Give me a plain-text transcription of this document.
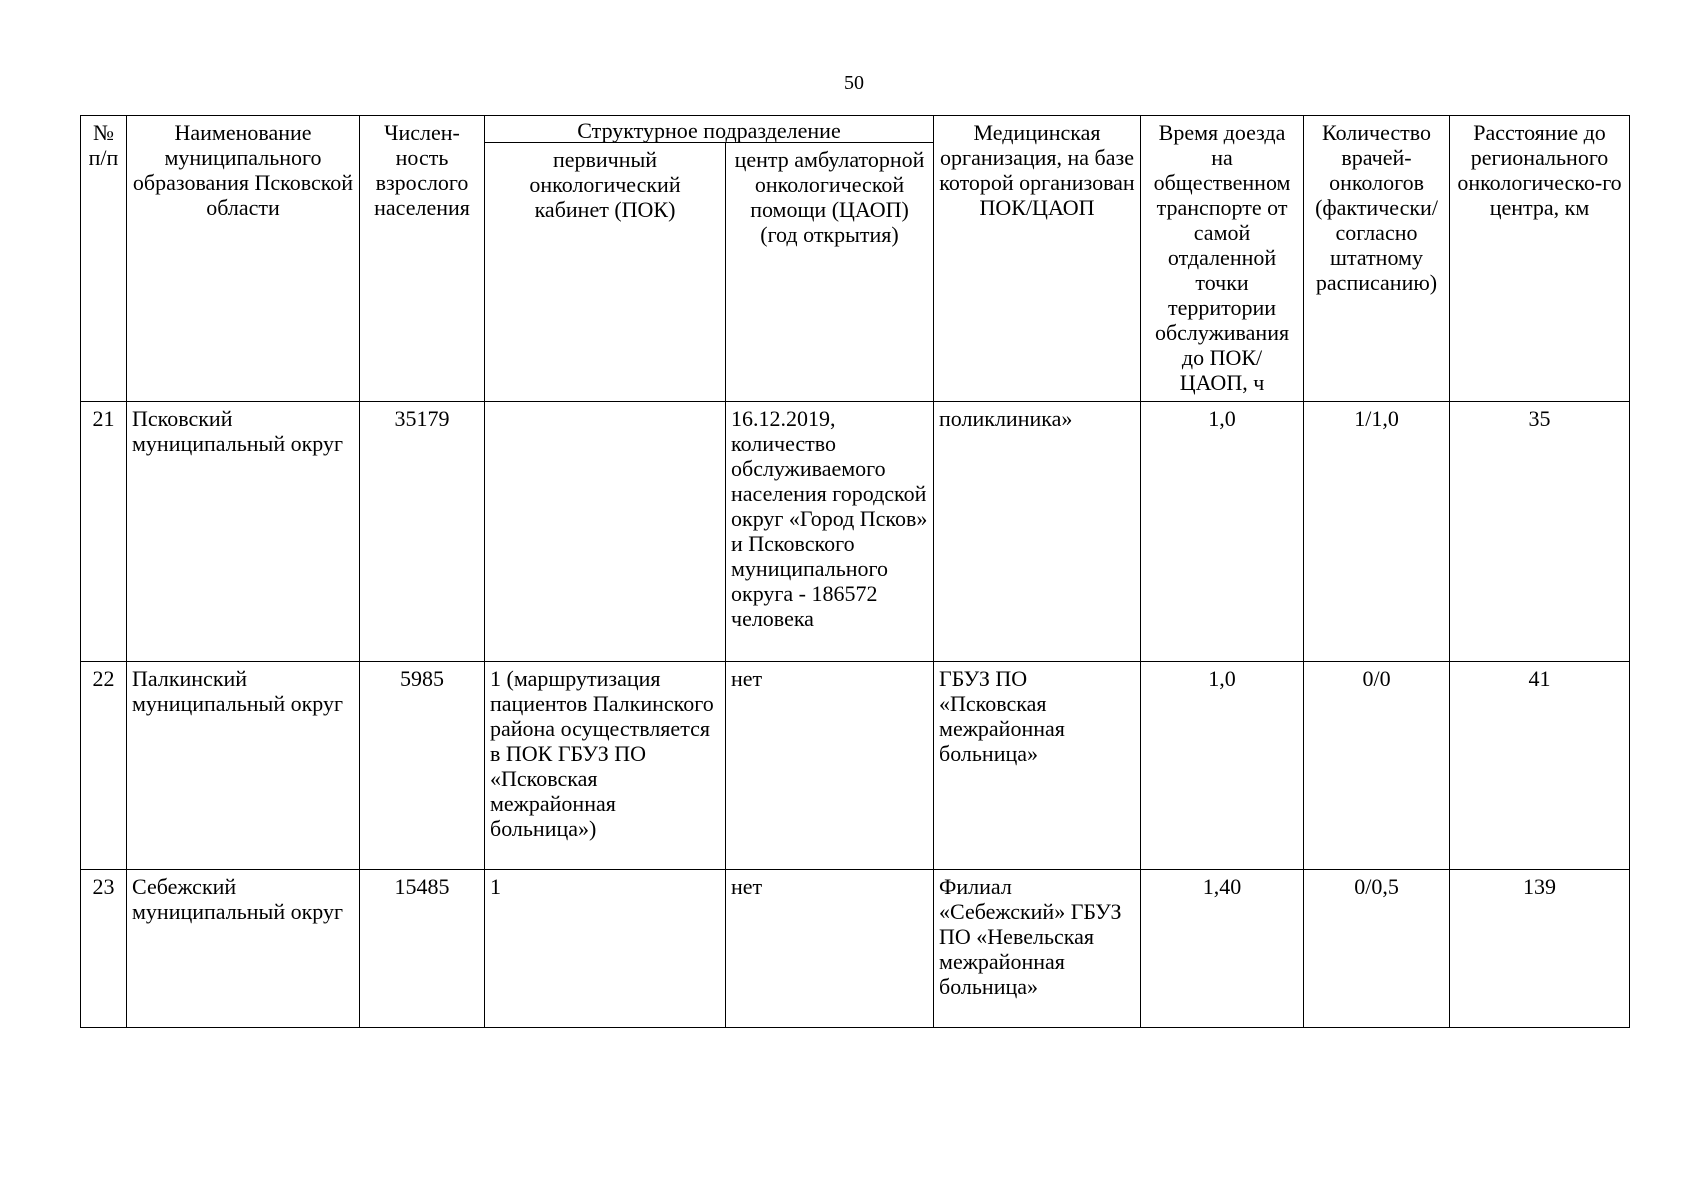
50
№ п/п	Наименование муниципального образования Псковской области	Числен-ность взрослого населения	Структурное подразделение		Медицинская организация, на базе которой организован ПОК/ЦАОП	Время доезда на общественном транспорте от самой отдаленной точки территории обслуживания до ПОК/ ЦАОП, ч	Количество врачей-онкологов (фактически/ согласно штатному расписанию)	Расстояние до регионального онкологическо-го центра, км
			первичный онкологический кабинет (ПОК)	центр амбулаторной онкологической помощи (ЦАОП) (год открытия)				
21	Псковский муниципальный округ	35179		16.12.2019, количество обслуживаемого населения городской округ «Город Псков» и Псковского муниципального округа - 186572 человека	поликлиника»	1,0	1/1,0	35
22	Палкинский муниципальный округ	5985	1 (маршрутизация пациентов Палкинского района осуществляется в ПОК ГБУЗ ПО «Псковская межрайонная больница»)	нет	ГБУЗ ПО «Псковская межрайонная больница»	1,0	0/0	41
23	Себежский муниципальный округ	15485	1	нет	Филиал «Себежский» ГБУЗ ПО «Невельская межрайонная больница»	1,40	0/0,5	139
